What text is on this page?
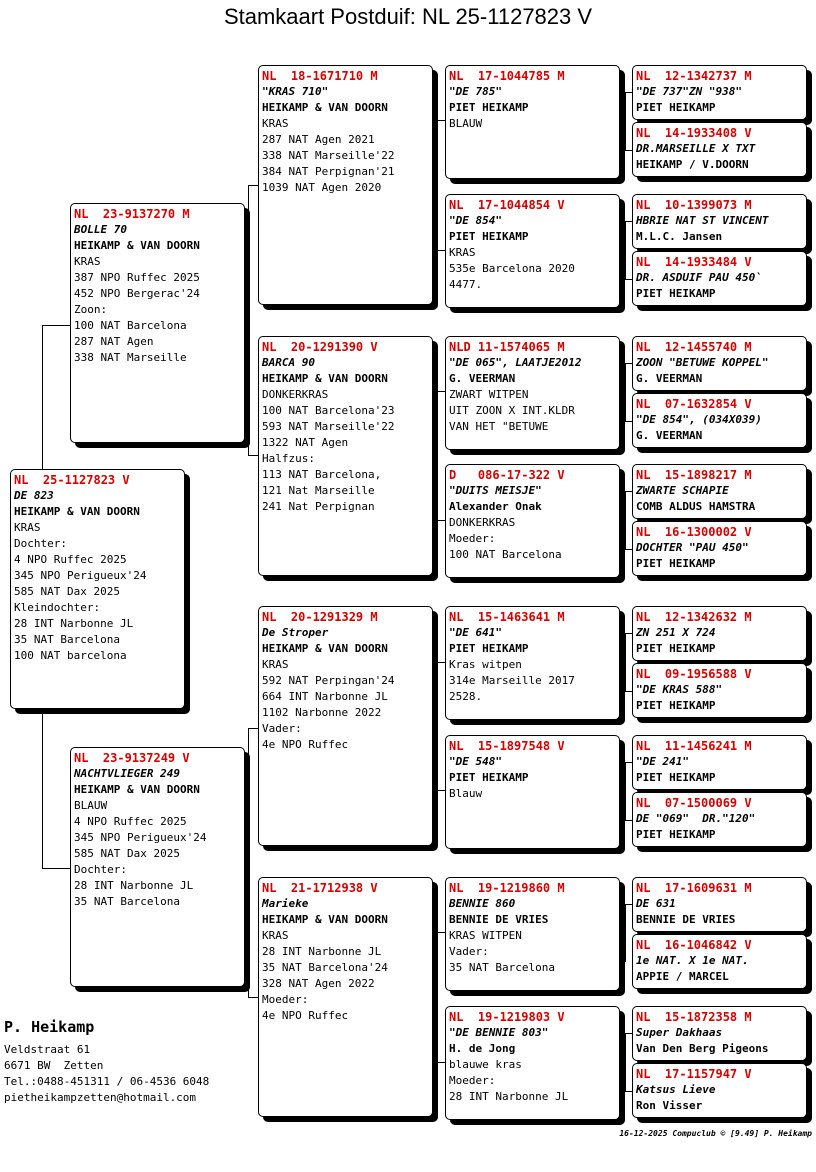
Stamkaart Postduif: NL 25-1127823 V
NL  25-1127823 V
DE 823
HEIKAMP & VAN DOORN
KRAS
Dochter:
4 NPO Ruffec 2025
345 NPO Perigueux'24
585 NAT Dax 2025
Kleindochter:
28 INT Narbonne JL
35 NAT Barcelona
100 NAT barcelona
NL  23-9137270 M
BOLLE 70
HEIKAMP & VAN DOORN
KRAS
387 NPO Ruffec 2025
452 NPO Bergerac'24
Zoon:
100 NAT Barcelona
287 NAT Agen
338 NAT Marseille
NL  23-9137249 V
NACHTVLIEGER 249
HEIKAMP & VAN DOORN
BLAUW
4 NPO Ruffec 2025
345 NPO Perigueux'24
585 NAT Dax 2025
Dochter:
28 INT Narbonne JL
35 NAT Barcelona
NL  18-1671710 M
"KRAS 710"
HEIKAMP & VAN DOORN
KRAS
287 NAT Agen 2021
338 NAT Marseille'22
384 NAT Perpignan'21
1039 NAT Agen 2020
NL  20-1291390 V
BARCA 90
HEIKAMP & VAN DOORN
DONKERKRAS
100 NAT Barcelona'23
593 NAT Marseille'22
1322 NAT Agen
Halfzus:
113 NAT Barcelona,
121 Nat Marseille
241 Nat Perpignan
NL  20-1291329 M
De Stroper
HEIKAMP & VAN DOORN
KRAS
592 NAT Perpingan'24
664 INT Narbonne JL
1102 Narbonne 2022
Vader:
4e NPO Ruffec
NL  21-1712938 V
Marieke
HEIKAMP & VAN DOORN
KRAS
28 INT Narbonne JL
35 NAT Barcelona'24
328 NAT Agen 2022
Moeder:
4e NPO Ruffec
NL  17-1044785 M
"DE 785"
PIET HEIKAMP
BLAUW
NL  17-1044854 V
"DE 854"
PIET HEIKAMP
KRAS
535e Barcelona 2020
4477.
NLD 11-1574065 M
"DE 065", LAATJE2012
G. VEERMAN
ZWART WITPEN
UIT ZOON X INT.KLDR
VAN HET "BETUWE
D   086-17-322 V
"DUITS MEISJE"
Alexander Onak
DONKERKRAS
Moeder:
100 NAT Barcelona
NL  15-1463641 M
"DE 641"
PIET HEIKAMP
Kras witpen
314e Marseille 2017
2528.
NL  15-1897548 V
"DE 548"
PIET HEIKAMP
Blauw
NL  19-1219860 M
BENNIE 860
BENNIE DE VRIES
KRAS WITPEN
Vader:
35 NAT Barcelona
NL  19-1219803 V
"DE BENNIE 803"
H. de Jong
blauwe kras
Moeder:
28 INT Narbonne JL
NL  12-1342737 M
"DE 737"ZN "938"
PIET HEIKAMP
NL  14-1933408 V
DR.MARSEILLE X TXT
HEIKAMP / V.DOORN
NL  10-1399073 M
HBRIE NAT ST VINCENT
M.L.C. Jansen
NL  14-1933484 V
DR. ASDUIF PAU 450`
PIET HEIKAMP
NL  12-1455740 M
ZOON "BETUWE KOPPEL"
G. VEERMAN
NL  07-1632854 V
"DE 854", (034X039)
G. VEERMAN
NL  15-1898217 M
ZWARTE SCHAPIE
COMB ALDUS HAMSTRA
NL  16-1300002 V
DOCHTER "PAU 450"
PIET HEIKAMP
NL  12-1342632 M
ZN 251 X 724
PIET HEIKAMP
NL  09-1956588 V
"DE KRAS 588"
PIET HEIKAMP
NL  11-1456241 M
"DE 241"
PIET HEIKAMP
NL  07-1500069 V
DE "069"  DR."120"
PIET HEIKAMP
NL  17-1609631 M
DE 631
BENNIE DE VRIES
NL  16-1046842 V
1e NAT. X 1e NAT.
APPIE / MARCEL
NL  15-1872358 M
Super Dakhaas
Van Den Berg Pigeons
NL  17-1157947 V
Katsus Lieve
Ron Visser
P. Heikamp
Veldstraat 61
6671 BW  Zetten
Tel.:0488-451311 / 06-4536 6048
pietheikampzetten@hotmail.com
16-12-2025 Compuclub © [9.49] P. Heikamp
